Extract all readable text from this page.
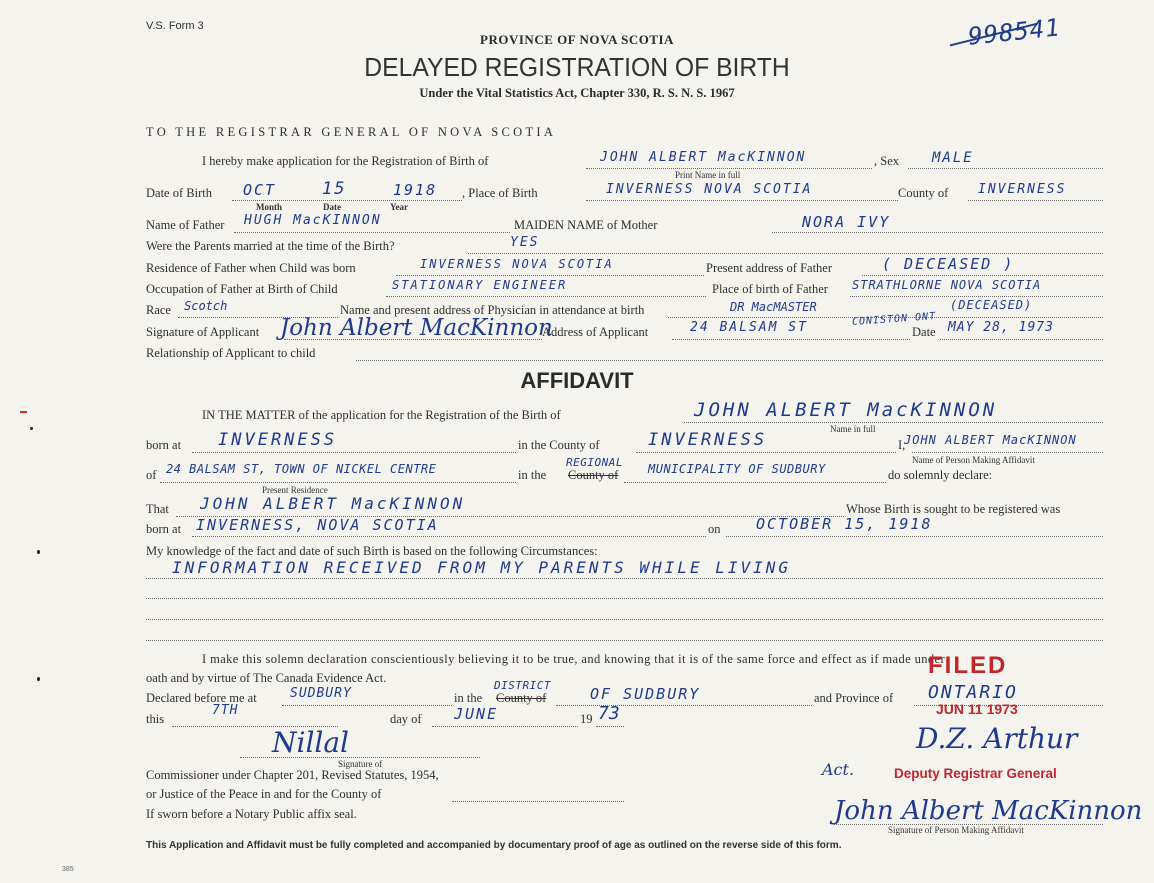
V.S. Form 3	998541
PROVINCE OF NOVA SCOTIA
DELAYED REGISTRATION OF BIRTH
Under the Vital Statistics Act, Chapter 330, R. S. N. S. 1967
TO THE REGISTRAR GENERAL OF NOVA SCOTIA
I hereby make application for the Registration of Birth of	JOHN ALBERT MacKINNON
Print Name in full
, Sex MALE
Date of Birth OCT	15	1918
Month	Date	Year
, Place of Birth	INVERNESS NOVA SCOTIA	County of INVERNESS
Name of Father HUGH MacKINNON	MAIDEN NAME of Mother	NORA IVY
Were the Parents married at the time of the Birth?	YES
Residence of Father when Child was born	INVERNESS NOVA SCOTIA	Present address of Father	( DECEASED )
Occupation of Father at Birth of Child	STATIONARY ENGINEER	Place of birth of Father STRATHLORNE NOVA SCOTIA
Race Scotch	Name and present address of Physician in attendance at birth	DR MacMASTER	(DECEASED)
Signature of Applicant John Albert MacKinnon
Address of Applicant	24 BALSAM ST	CONISTON ONT
Date MAY 28, 1973
Relationship of Applicant to child
AFFIDAVIT
IN THE MATTER of the application for the Registration of the Birth of	JOHN ALBERT MacKINNON
Name in full
born at INVERNESS	in the County of	INVERNESS	I,
JOHN ALBERT MacKINNON
Name of Person Making Affidavit
of 24 BALSAM ST, TOWN OF NICKEL CENTRE
Present Residence
in the
REGIONAL
County of MUNICIPALITY OF SUDBURY	do solemnly declare:
That JOHN ALBERT MacKINNON	Whose Birth is sought to be registered was
born at INVERNESS, NOVA SCOTIA	on OCTOBER 15, 1918
My knowledge of the fact and date of such Birth is based on the following Circumstances:
INFORMATION RECEIVED FROM MY PARENTS WHILE LIVING
I make this solemn declaration conscientiously believing it to be true, and knowing that it is of the same force and effect as if made under
oath and by virtue of The Canada Evidence Act.
Declared before me at	SUDBURY	in the
DISTRICT
County of	OF SUDBURY	and Province of ONTARIO
this
7TH
day of JUNE	19 73
Nillal
Signature of
Commissioner under Chapter 201, Revised Statutes, 1954,
or Justice of the Peace in and for the County of
If sworn before a Notary Public affix seal.
FILED
JUN 11 1973
D.Z. Arthur
Act.	Deputy Registrar General
John Albert MacKinnon
Signature of Person Making Affidavit
This Application and Affidavit must be fully completed and accompanied by documentary proof of age as outlined on the reverse side of this form.
385
